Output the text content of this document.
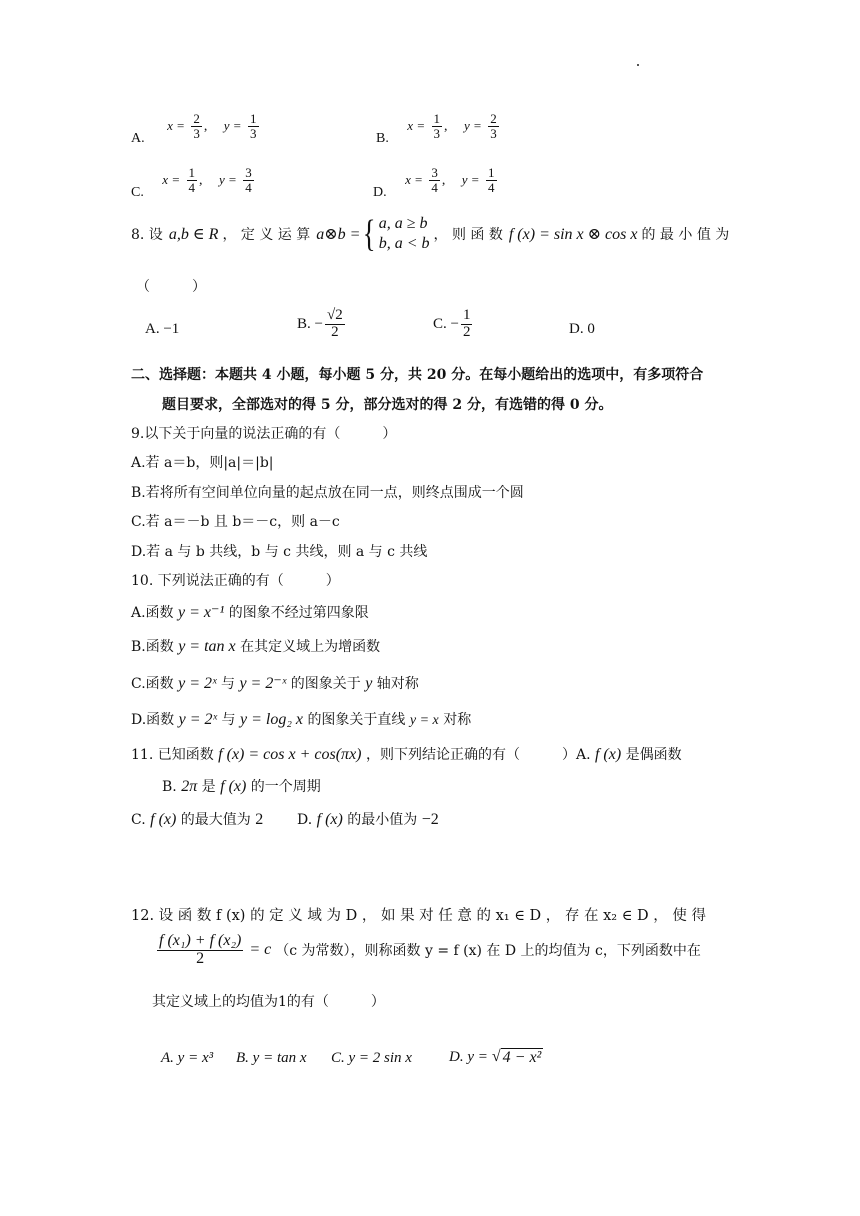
A. $x = \frac{2}{3}$ , $y = \frac{1}{3}$	B. $x = \frac{1}{3}$ , $y = \frac{2}{3}$
C. $x = \frac{1}{4}$ , $y = \frac{3}{4}$	D. $x = \frac{3}{4}$ , $y = \frac{1}{4}$
8. 设 a,b ∈ R ， 定 义 运 算 a⊗b = { a, a ≥ b
b, a < b ， 则 函 数 f (x) = sin x ⊗ cos x 的 最 小 值 为
（　　　）
A. −1	B. − $\frac{√2}{2}$	C. − $\frac{1}{2}$	D. 0
二、选择题：本题共 4 小题，每小题 5 分，共 20 分。在每小题给出的选项中，有多项符合
题目要求，全部选对的得 5 分，部分选对的得 2 分，有选错的得 0 分。
9.以下关于向量的说法正确的有（　　　）
A.若 a＝b，则|a|＝|b|
B.若将所有空间单位向量的起点放在同一点，则终点围成一个圆
C.若 a＝－b 且 b＝－c，则 a－c
D.若 a 与 b 共线，b 与 c 共线，则 a 与 c 共线
10. 下列说法正确的有（　　　）
A.函数 y = x⁻¹ 的图象不经过第四象限
B.函数 y = tan x 在其定义域上为增函数
C.函数 y = 2ˣ 与 y = 2⁻ˣ 的图象关于 y 轴对称
D.函数 y = 2ˣ 与 y = log₂ x 的图象关于直线 y = x 对称
11. 已知函数 f (x) = cos x + cos(πx) ，则下列结论正确的有（　　　）A. f (x) 是偶函数
B. 2π 是 f (x) 的一个周期
C. f (x) 的最大值为 2 D. f (x) 的最小值为 −2
12. 设 函 数 f (x) 的 定 义 域 为 D ， 如 果 对 任 意 的 x₁ ∈ D ， 存 在 x₂ ∈ D ， 使 得
$\frac{\text{f (x₁) + f (x₂)}}{2} = c$ （c 为常数），则称函数 y = f (x) 在 D 上的均值为 c，下列函数中在
其定义域上的均值为1的有（　　　）
A. y = x³ B. y = tan x C. y = 2 sin x D. y = √ 4 − x²
